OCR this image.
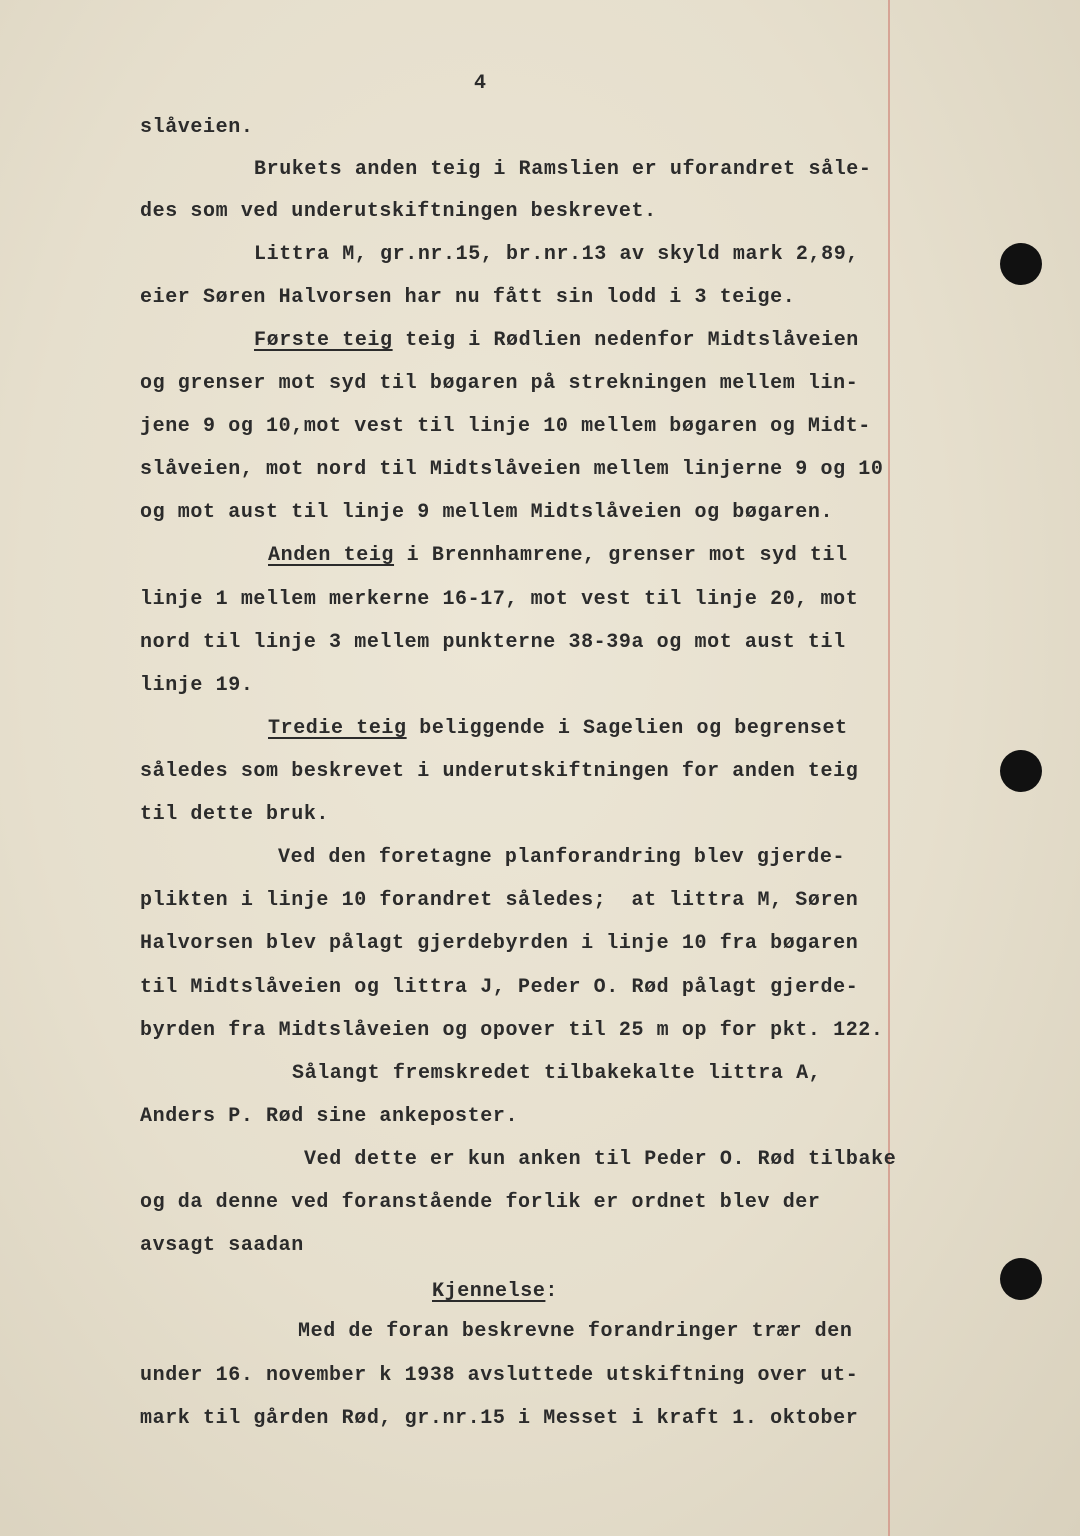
4
slåveien.
Brukets anden teig i Ramslien er uforandret såle-
des som ved underutskiftningen beskrevet.
Littra M, gr.nr.15, br.nr.13 av skyld mark 2,89,
eier Søren Halvorsen har nu fått sin lodd i 3 teige.
Første teig teig i Rødlien nedenfor Midtslåveien
og grenser mot syd til bøgaren på strekningen mellem lin-
jene 9 og 10,mot vest til linje 10 mellem bøgaren og Midt-
slåveien, mot nord til Midtslåveien mellem linjerne 9 og 10
og mot aust til linje 9 mellem Midtslåveien og bøgaren.
Anden teig i Brennhamrene, grenser mot syd til
linje 1 mellem merkerne 16-17, mot vest til linje 20, mot
nord til linje 3 mellem punkterne 38-39a og mot aust til
linje 19.
Tredie teig beliggende i Sagelien og begrenset
således som beskrevet i underutskiftningen for anden teig
til dette bruk.
Ved den foretagne planforandring blev gjerde-
plikten i linje 10 forandret således;  at littra M, Søren
Halvorsen blev pålagt gjerdebyrden i linje 10 fra bøgaren
til Midtslåveien og littra J, Peder O. Rød pålagt gjerde-
byrden fra Midtslåveien og opover til 25 m op for pkt. 122.
Sålangt fremskredet tilbakekalte littra A,
Anders P. Rød sine ankeposter.
Ved dette er kun anken til Peder O. Rød tilbake
og da denne ved foranstående forlik er ordnet blev der
avsagt saadan
Kjennelse:
Med de foran beskrevne forandringer trær den
under 16. november k 1938 avsluttede utskiftning over ut-
mark til gården Rød, gr.nr.15 i Messet i kraft 1. oktober
